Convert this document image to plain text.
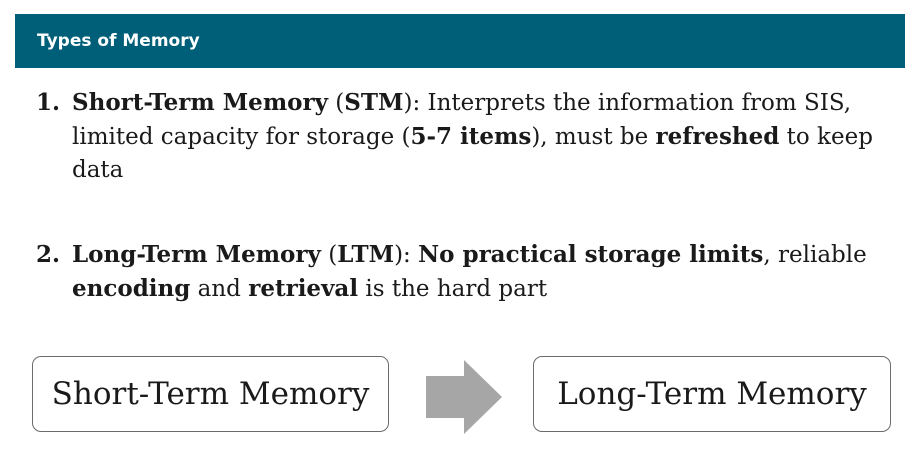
Types of Memory
1. Short-Term Memory (STM): Interprets the information from SIS, limited capacity for storage (5-7 items), must be refreshed to keep data
2. Long-Term Memory (LTM): No practical storage limits, reliable encoding and retrieval is the hard part
Short-Term Memory	Long-Term Memory
